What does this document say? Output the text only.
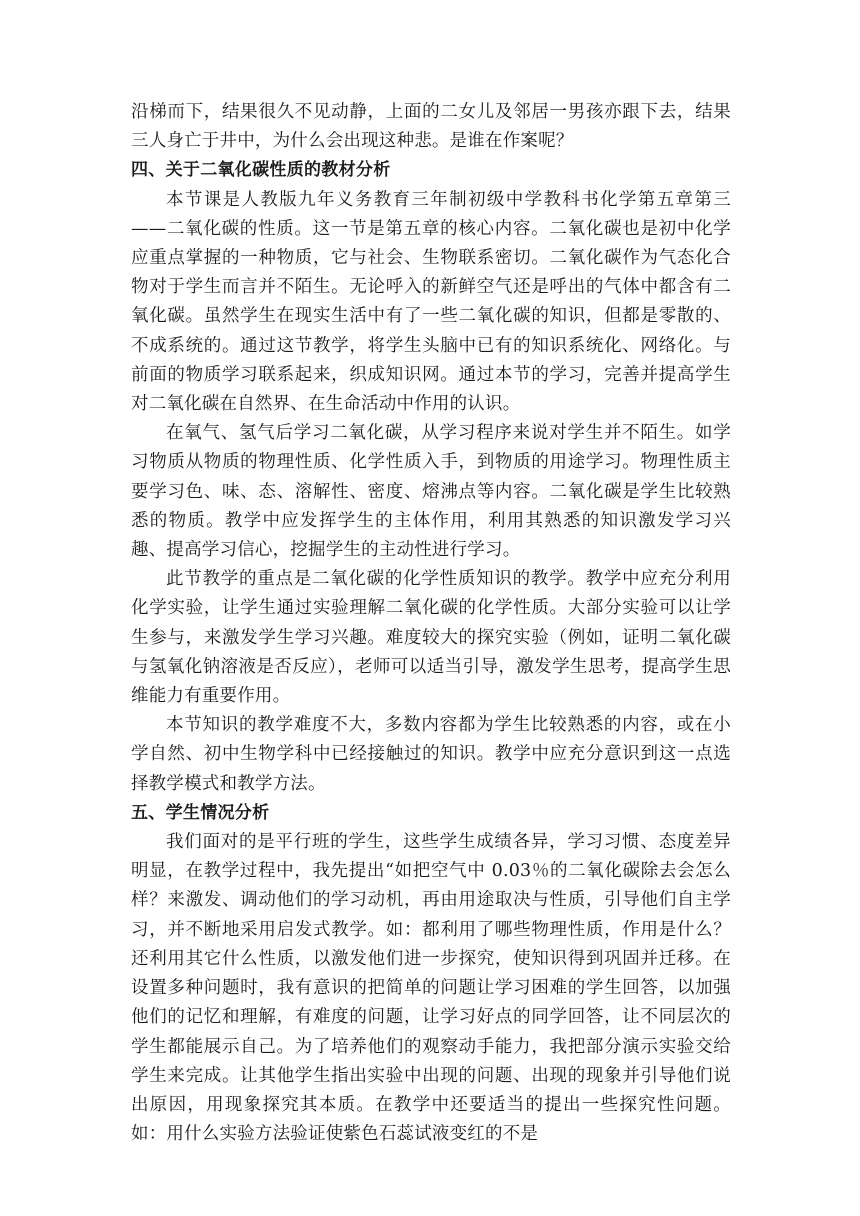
沿梯而下，结果很久不见动静，上面的二女儿及邻居一男孩亦跟下去，结果三人身亡于井中，为什么会出现这种悲。是谁在作案呢？

四、关于二氧化碳性质的教材分析

本节课是人教版九年义务教育三年制初级中学教科书化学第五章第三——二氧化碳的性质。这一节是第五章的核心内容。二氧化碳也是初中化学应重点掌握的一种物质，它与社会、生物联系密切。二氧化碳作为气态化合物对于学生而言并不陌生。无论呼入的新鲜空气还是呼出的气体中都含有二氧化碳。虽然学生在现实生活中有了一些二氧化碳的知识，但都是零散的、不成系统的。通过这节教学，将学生头脑中已有的知识系统化、网络化。与前面的物质学习联系起来，织成知识网。通过本节的学习，完善并提高学生对二氧化碳在自然界、在生命活动中作用的认识。

在氧气、氢气后学习二氧化碳，从学习程序来说对学生并不陌生。如学习物质从物质的物理性质、化学性质入手，到物质的用途学习。物理性质主要学习色、味、态、溶解性、密度、熔沸点等内容。二氧化碳是学生比较熟悉的物质。教学中应发挥学生的主体作用，利用其熟悉的知识激发学习兴趣、提高学习信心，挖掘学生的主动性进行学习。

此节教学的重点是二氧化碳的化学性质知识的教学。教学中应充分利用化学实验，让学生通过实验理解二氧化碳的化学性质。大部分实验可以让学生参与，来激发学生学习兴趣。难度较大的探究实验（例如，证明二氧化碳与氢氧化钠溶液是否反应），老师可以适当引导，激发学生思考，提高学生思维能力有重要作用。

本节知识的教学难度不大，多数内容都为学生比较熟悉的内容，或在小学自然、初中生物学科中已经接触过的知识。教学中应充分意识到这一点选择教学模式和教学方法。

五、学生情况分析

我们面对的是平行班的学生，这些学生成绩各异，学习习惯、态度差异明显，在教学过程中，我先提出“如把空气中 0.03％的二氧化碳除去会怎么样？来激发、调动他们的学习动机，再由用途取决与性质，引导他们自主学习，并不断地采用启发式教学。如：都利用了哪些物理性质，作用是什么？还利用其它什么性质，以激发他们进一步探究，使知识得到巩固并迁移。在设置多种问题时，我有意识的把简单的问题让学习困难的学生回答，以加强他们的记忆和理解，有难度的问题，让学习好点的同学回答，让不同层次的学生都能展示自己。为了培养他们的观察动手能力，我把部分演示实验交给学生来完成。让其他学生指出实验中出现的问题、出现的现象并引导他们说出原因，用现象探究其本质。在教学中还要适当的提出一些探究性问题。如：用什么实验方法验证使紫色石蕊试液变红的不是
